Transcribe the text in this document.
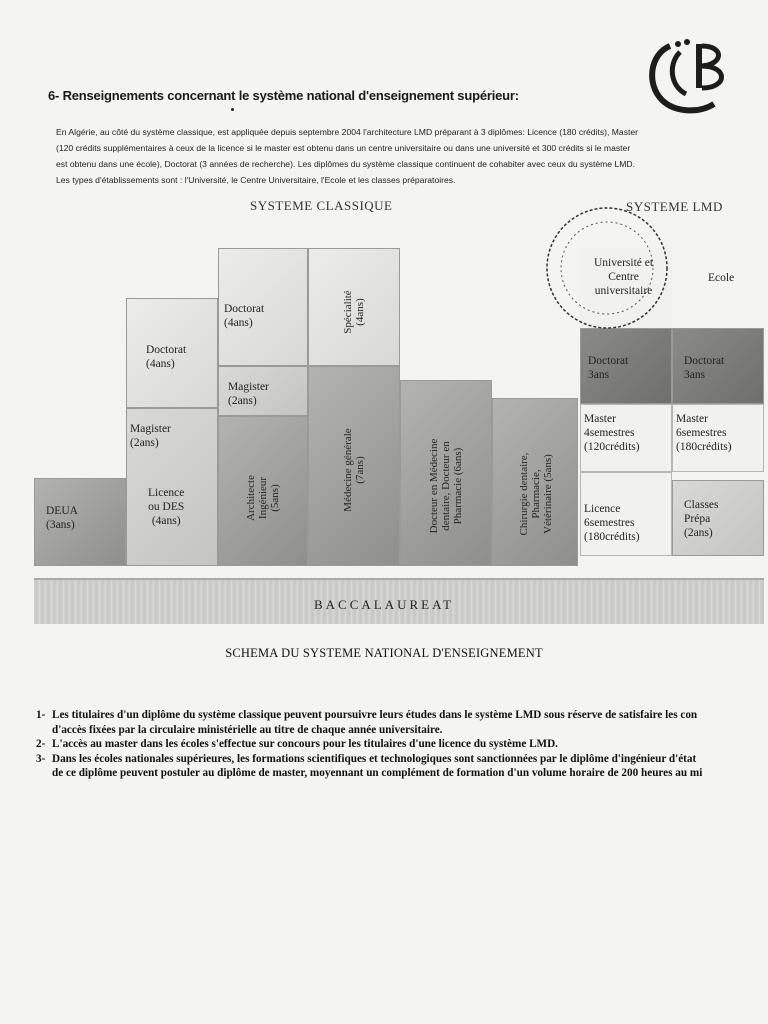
6- Renseignements concernant le système national d'enseignement supérieur:
En Algérie, au côté du système classique, est appliquée depuis septembre 2004 l'architecture LMD préparant à 3 diplômes: Licence (180 crédits), Master
(120 crédits supplémentaires à ceux de la licence si le master est obtenu dans un centre universitaire ou dans une université et 300 crédits si le master
est obtenu dans une école), Doctorat (3 années de recherche). Les diplômes du système classique continuent de cohabiter avec ceux du système LMD.
Les types d'établissements sont : l'Université, le Centre Universitaire, l'Ecole et les classes préparatoires.
SYSTEME CLASSIQUE	SYSTEME LMD
DEUA
(3ans)
Licence
ou DES
(4ans)
Magister
(2ans)
Doctorat
(4ans)
Doctorat
(4ans)
Magister
(2ans)
Architecte Ingénieur (5ans)
Spécialité (4ans)
Médecine générale (7ans)	Docteur en Médecine dentaire, Docteur en Pharmacie (6ans)	Chirurgie dentaire, Pharmacie, Vétérinaire (5ans)
Université et
Centre
universitaire
Ecole
Doctorat
3ans
Doctorat
3ans
Master
4semestres
(120crédits)
Master
6semestres
(180crédits)
Licence
6semestres
(180crédits)
Classes
Prépa
(2ans)
BACCALAUREAT
SCHEMA DU SYSTEME NATIONAL D'ENSEIGNEMENT
1- Les titulaires d'un diplôme du système classique peuvent poursuivre leurs études dans le système LMD sous réserve de satisfaire les con
d'accès fixées par la circulaire ministérielle au titre de chaque année universitaire.
2- L'accès au master dans les écoles s'effectue sur concours pour les titulaires d'une licence du système LMD.
3- Dans les écoles nationales supérieures, les formations scientifiques et technologiques sont sanctionnées par le diplôme d'ingénieur d'état
de ce diplôme peuvent postuler au diplôme de master, moyennant un complément de formation d'un volume horaire de 200 heures au mi
